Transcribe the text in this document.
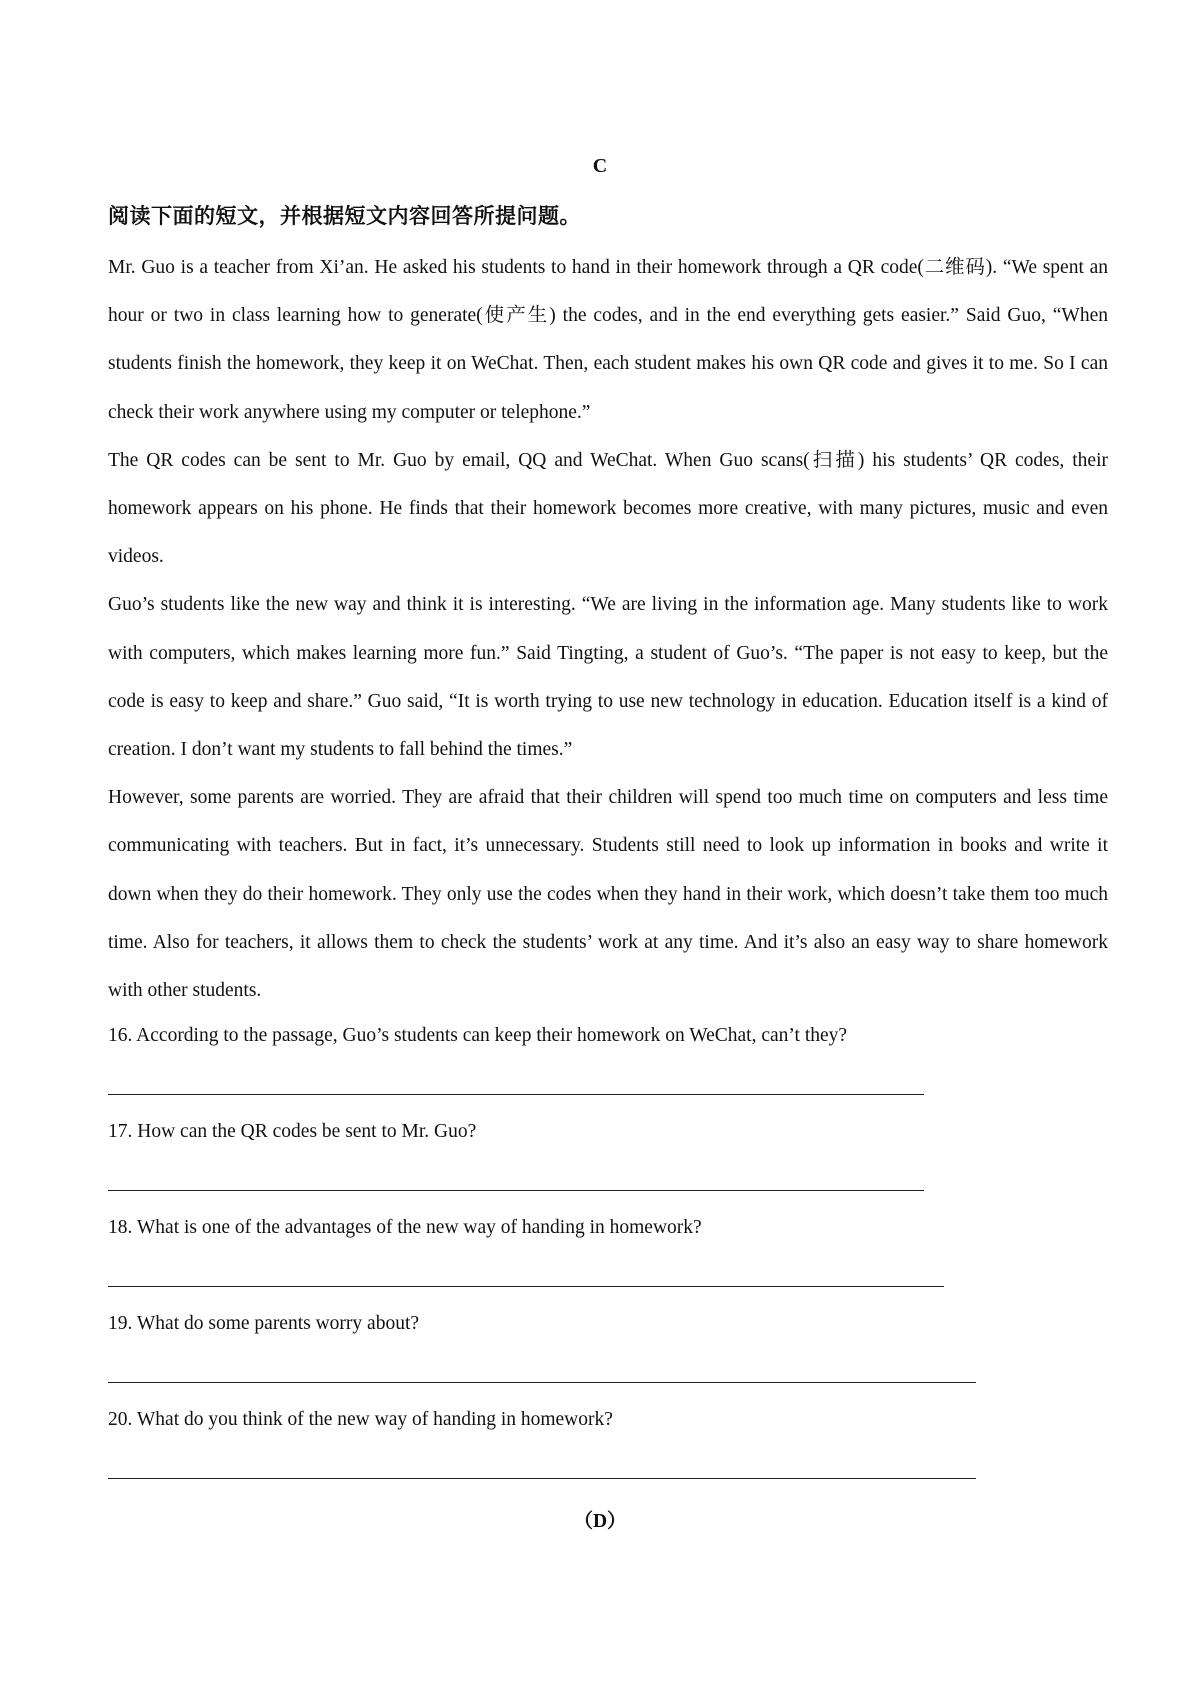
C
阅读下面的短文，并根据短文内容回答所提问题。

Mr. Guo is a teacher from Xi’an. He asked his students to hand in their homework through a QR code(二维码). “We spent an hour or two in class learning how to generate(使产生) the codes, and in the end everything gets easier.” Said Guo, “When students finish the homework, they keep it on WeChat. Then, each student makes his own QR code and gives it to me. So I can check their work anywhere using my computer or telephone.”

The QR codes can be sent to Mr. Guo by email, QQ and WeChat. When Guo scans(扫描) his students’ QR codes, their homework appears on his phone. He finds that their homework becomes more creative, with many pictures, music and even videos.

Guo’s students like the new way and think it is interesting. “We are living in the information age. Many students like to work with computers, which makes learning more fun.” Said Tingting, a student of Guo’s. “The paper is not easy to keep, but the code is easy to keep and share.” Guo said, “It is worth trying to use new technology in education. Education itself is a kind of creation. I don’t want my students to fall behind the times.”

However, some parents are worried. They are afraid that their children will spend too much time on computers and less time communicating with teachers. But in fact, it’s unnecessary. Students still need to look up information in books and write it down when they do their homework. They only use the codes when they hand in their work, which doesn’t take them too much time. Also for teachers, it allows them to check the students’ work at any time. And it’s also an easy way to share homework with other students.

16. According to the passage, Guo’s students can keep their homework on WeChat, can’t they?
17. How can the QR codes be sent to Mr. Guo?
18. What is one of the advantages of the new way of handing in homework?
19. What do some parents worry about?
20. What do you think of the new way of handing in homework?
（D）
